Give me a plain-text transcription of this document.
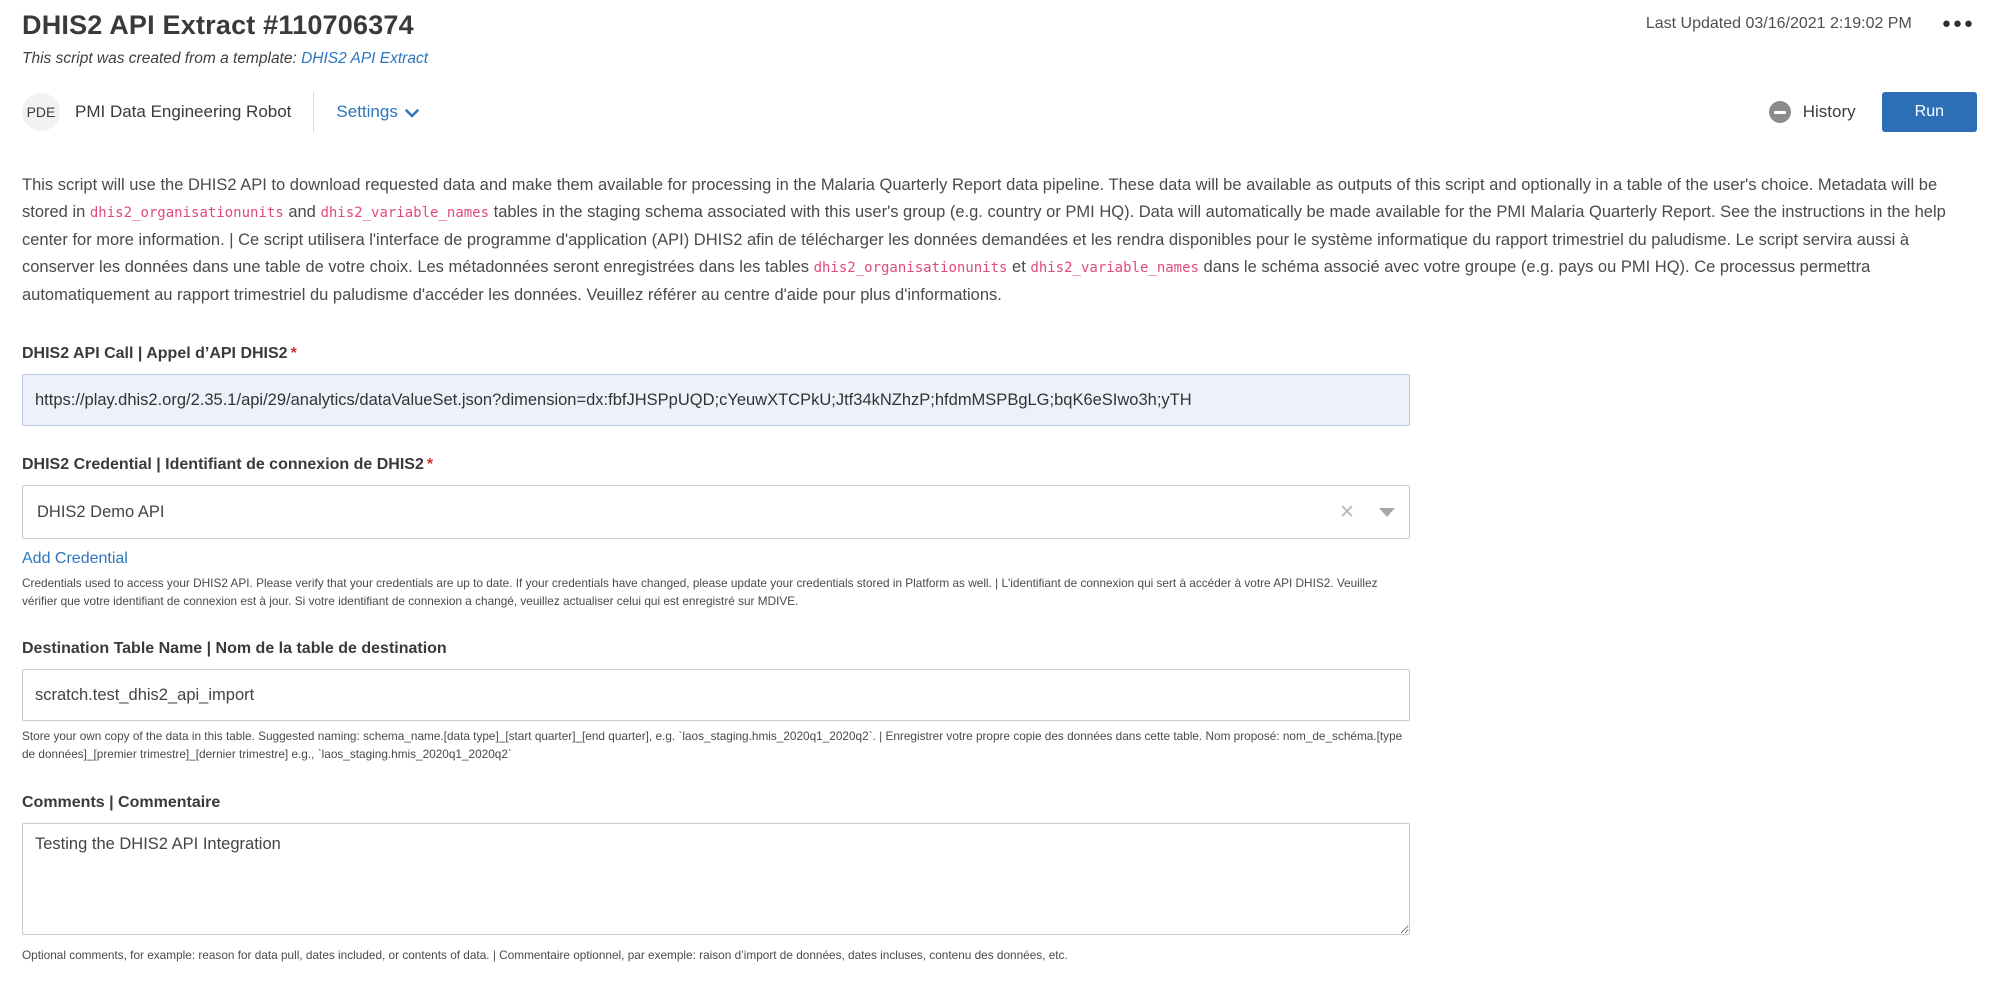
DHIS2 API Extract #110706374	Last Updated 03/16/2021 2:19:02 PM ●●●
This script was created from a template: DHIS2 API Extract
PDE PMI Data Engineering Robot	Settings	History	Run

This script will use the DHIS2 API to download requested data and make them available for processing in the Malaria Quarterly Report data pipeline. These data will be available as outputs of this script and optionally in a table of the user's choice. Metadata will be stored in dhis2_organisationunits and dhis2_variable_names tables in the staging schema associated with this user's group (e.g. country or PMI HQ). Data will automatically be made available for the PMI Malaria Quarterly Report. See the instructions in the help center for more information. | Ce script utilisera l'interface de programme d'application (API) DHIS2 afin de télécharger les données demandées et les rendra disponibles pour le système informatique du rapport trimestriel du paludisme. Le script servira aussi à conserver les données dans une table de votre choix. Les métadonnées seront enregistrées dans les tables dhis2_organisationunits et dhis2_variable_names dans le schéma associé avec votre groupe (e.g. pays ou PMI HQ). Ce processus permettra automatiquement au rapport trimestriel du paludisme d'accéder les données. Veuillez référer au centre d'aide pour plus d'informations.

DHIS2 API Call | Appel d’API DHIS2 * https://play.dhis2.org/2.35.1/api/29/analytics/dataValueSet.json?dimension=dx:fbfJHSPpUQD;cYeuwXTCPkU;Jtf34kNZhzP;hfdmMSPBgLG;bqK6eSIwo3h;yTH
DHIS2 Credential | Identifiant de connexion de DHIS2 *
DHIS2 Demo API	✕
Add Credential
Credentials used to access your DHIS2 API. Please verify that your credentials are up to date. If your credentials have changed, please update your credentials stored in Platform as well. | L'identifiant de connexion qui sert à accéder à votre API DHIS2. Veuillez vérifier que votre identifiant de connexion est à jour. Si votre identifiant de connexion a changé, veuillez actualiser celui qui est enregistré sur MDIVE.
Destination Table Name | Nom de la table de destination scratch.test_dhis2_api_import
Store your own copy of the data in this table. Suggested naming: schema_name.[data type]_[start quarter]_[end quarter], e.g. `laos_staging.hmis_2020q1_2020q2`. | Enregistrer votre propre copie des données dans cette table. Nom proposé: nom_de_schéma.[type de données]_[premier trimestre]_[dernier trimestre] e.g., `laos_staging.hmis_2020q1_2020q2`
Comments | Commentaire Testing the DHIS2 API Integration
Optional comments, for example: reason for data pull, dates included, or contents of data. | Commentaire optionnel, par exemple: raison d’import de données, dates incluses, contenu des données, etc.
